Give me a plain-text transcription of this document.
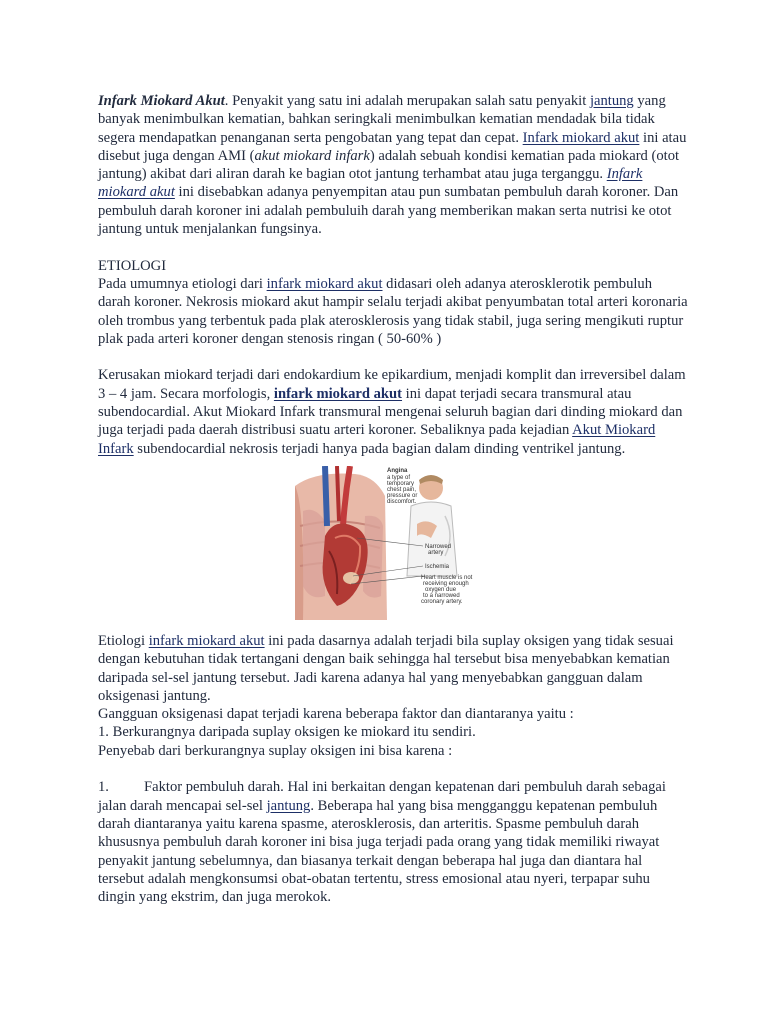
Infark Miokard Akut. Penyakit yang satu ini adalah merupakan salah satu penyakit jantung yang banyak menimbulkan kematian, bahkan seringkali menimbulkan kematian mendadak bila tidak segera mendapatkan penanganan serta pengobatan yang tepat dan cepat. Infark miokard akut ini atau disebut juga dengan AMI (akut miokard infark) adalah sebuah kondisi kematian pada miokard (otot jantung) akibat dari aliran darah ke bagian otot jantung terhambat atau juga terganggu. Infark miokard akut ini disebabkan adanya penyempitan atau pun sumbatan pembuluh darah koroner. Dan pembuluh darah koroner ini adalah pembuluih darah yang memberikan makan serta nutrisi ke otot jantung untuk menjalankan fungsinya.

ETIOLOGI

Pada umumnya etiologi dari infark miokard akut didasari oleh adanya aterosklerotik pembuluh darah koroner. Nekrosis miokard akut hampir selalu terjadi akibat penyumbatan total arteri koronaria oleh trombus yang terbentuk pada plak aterosklerosis yang tidak stabil, juga sering mengikuti ruptur plak pada arteri koroner dengan stenosis ringan ( 50-60% )

Kerusakan miokard terjadi dari endokardium ke epikardium, menjadi komplit dan irreversibel dalam 3 – 4 jam. Secara morfologis, infark miokard akut ini dapat terjadi secara transmural atau subendocardial. Akut Miokard Infark transmural mengenai seluruh bagian dari dinding miokard dan juga terjadi pada daerah distribusi suatu arteri koroner. Sebaliknya pada kejadian Akut Miokard Infark subendocardial nekrosis terjadi hanya pada bagian dalam dinding ventrikel jantung.

Angina
a type of
temporary
chest pain,
pressure or
discomfort.
Narrowed
artery
Ischemia
Heart muscle is not
receiving enough
oxygen due
to a narrowed
coronary artery.

Etiologi infark miokard akut ini pada dasarnya adalah terjadi bila suplay oksigen yang tidak sesuai dengan kebutuhan tidak tertangani dengan baik sehingga hal tersebut bisa menyebabkan kematian daripada sel-sel jantung tersebut. Jadi karena adanya hal yang menyebabkan gangguan dalam oksigenasi jantung.

Gangguan oksigenasi dapat terjadi karena beberapa faktor dan diantaranya yaitu :

1. Berkurangnya daripada suplay oksigen ke miokard itu sendiri.

Penyebab dari berkurangnya suplay oksigen ini bisa karena :

1. Faktor pembuluh darah. Hal ini berkaitan dengan kepatenan dari pembuluh darah sebagai jalan darah mencapai sel-sel jantung. Beberapa hal yang bisa mengganggu kepatenan pembuluh darah diantaranya yaitu karena spasme, aterosklerosis, dan arteritis. Spasme pembuluh darah khususnya pembuluh darah koroner ini bisa juga terjadi pada orang yang tidak memiliki riwayat penyakit jantung sebelumnya, dan biasanya terkait dengan beberapa hal juga dan diantara hal tersebut adalah mengkonsumsi obat-obatan tertentu, stress emosional atau nyeri, terpapar suhu dingin yang ekstrim, dan juga merokok.
